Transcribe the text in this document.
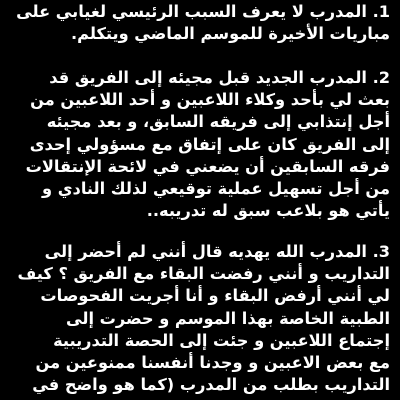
1. المدرب لا يعرف السبب الرئيسي لغيابي على
مباريات الأخيرة للموسم الماضي ويتكلم.
2. المدرب الجديد قبل مجيئه إلى الفريق قد
بعث لي بأحد وكلاء اللاعبين و أحد اللاعبين من
أجل إنتذابي إلى فريقه السابق، و بعد مجيئه
إلى الفريق كان على إتفاق مع مسؤولي إحدى
فرقه السابقين أن يضعني في لائحة الإنتقالات
من أجل تسهيل عملية توقيعي لذلك النادي و
يأتي هو بلاعب سبق له تدريبه..
3. المدرب الله يهديه قال أنني لم أحضر إلى
التداريب و أنني رفضت البقاء مع الفريق ؟ كيف
لي أنني أرفض البقاء و أنا أجريت الفحوصات
الطبية الخاصة بهذا الموسم و حضرت إلى
إجتماع اللاعبين و جئت إلى الحصة التدريبية
مع بعض الاعبين و وجدنا أنفسنا ممنوعين من
التداريب بطلب من المدرب (كما هو واضح في
